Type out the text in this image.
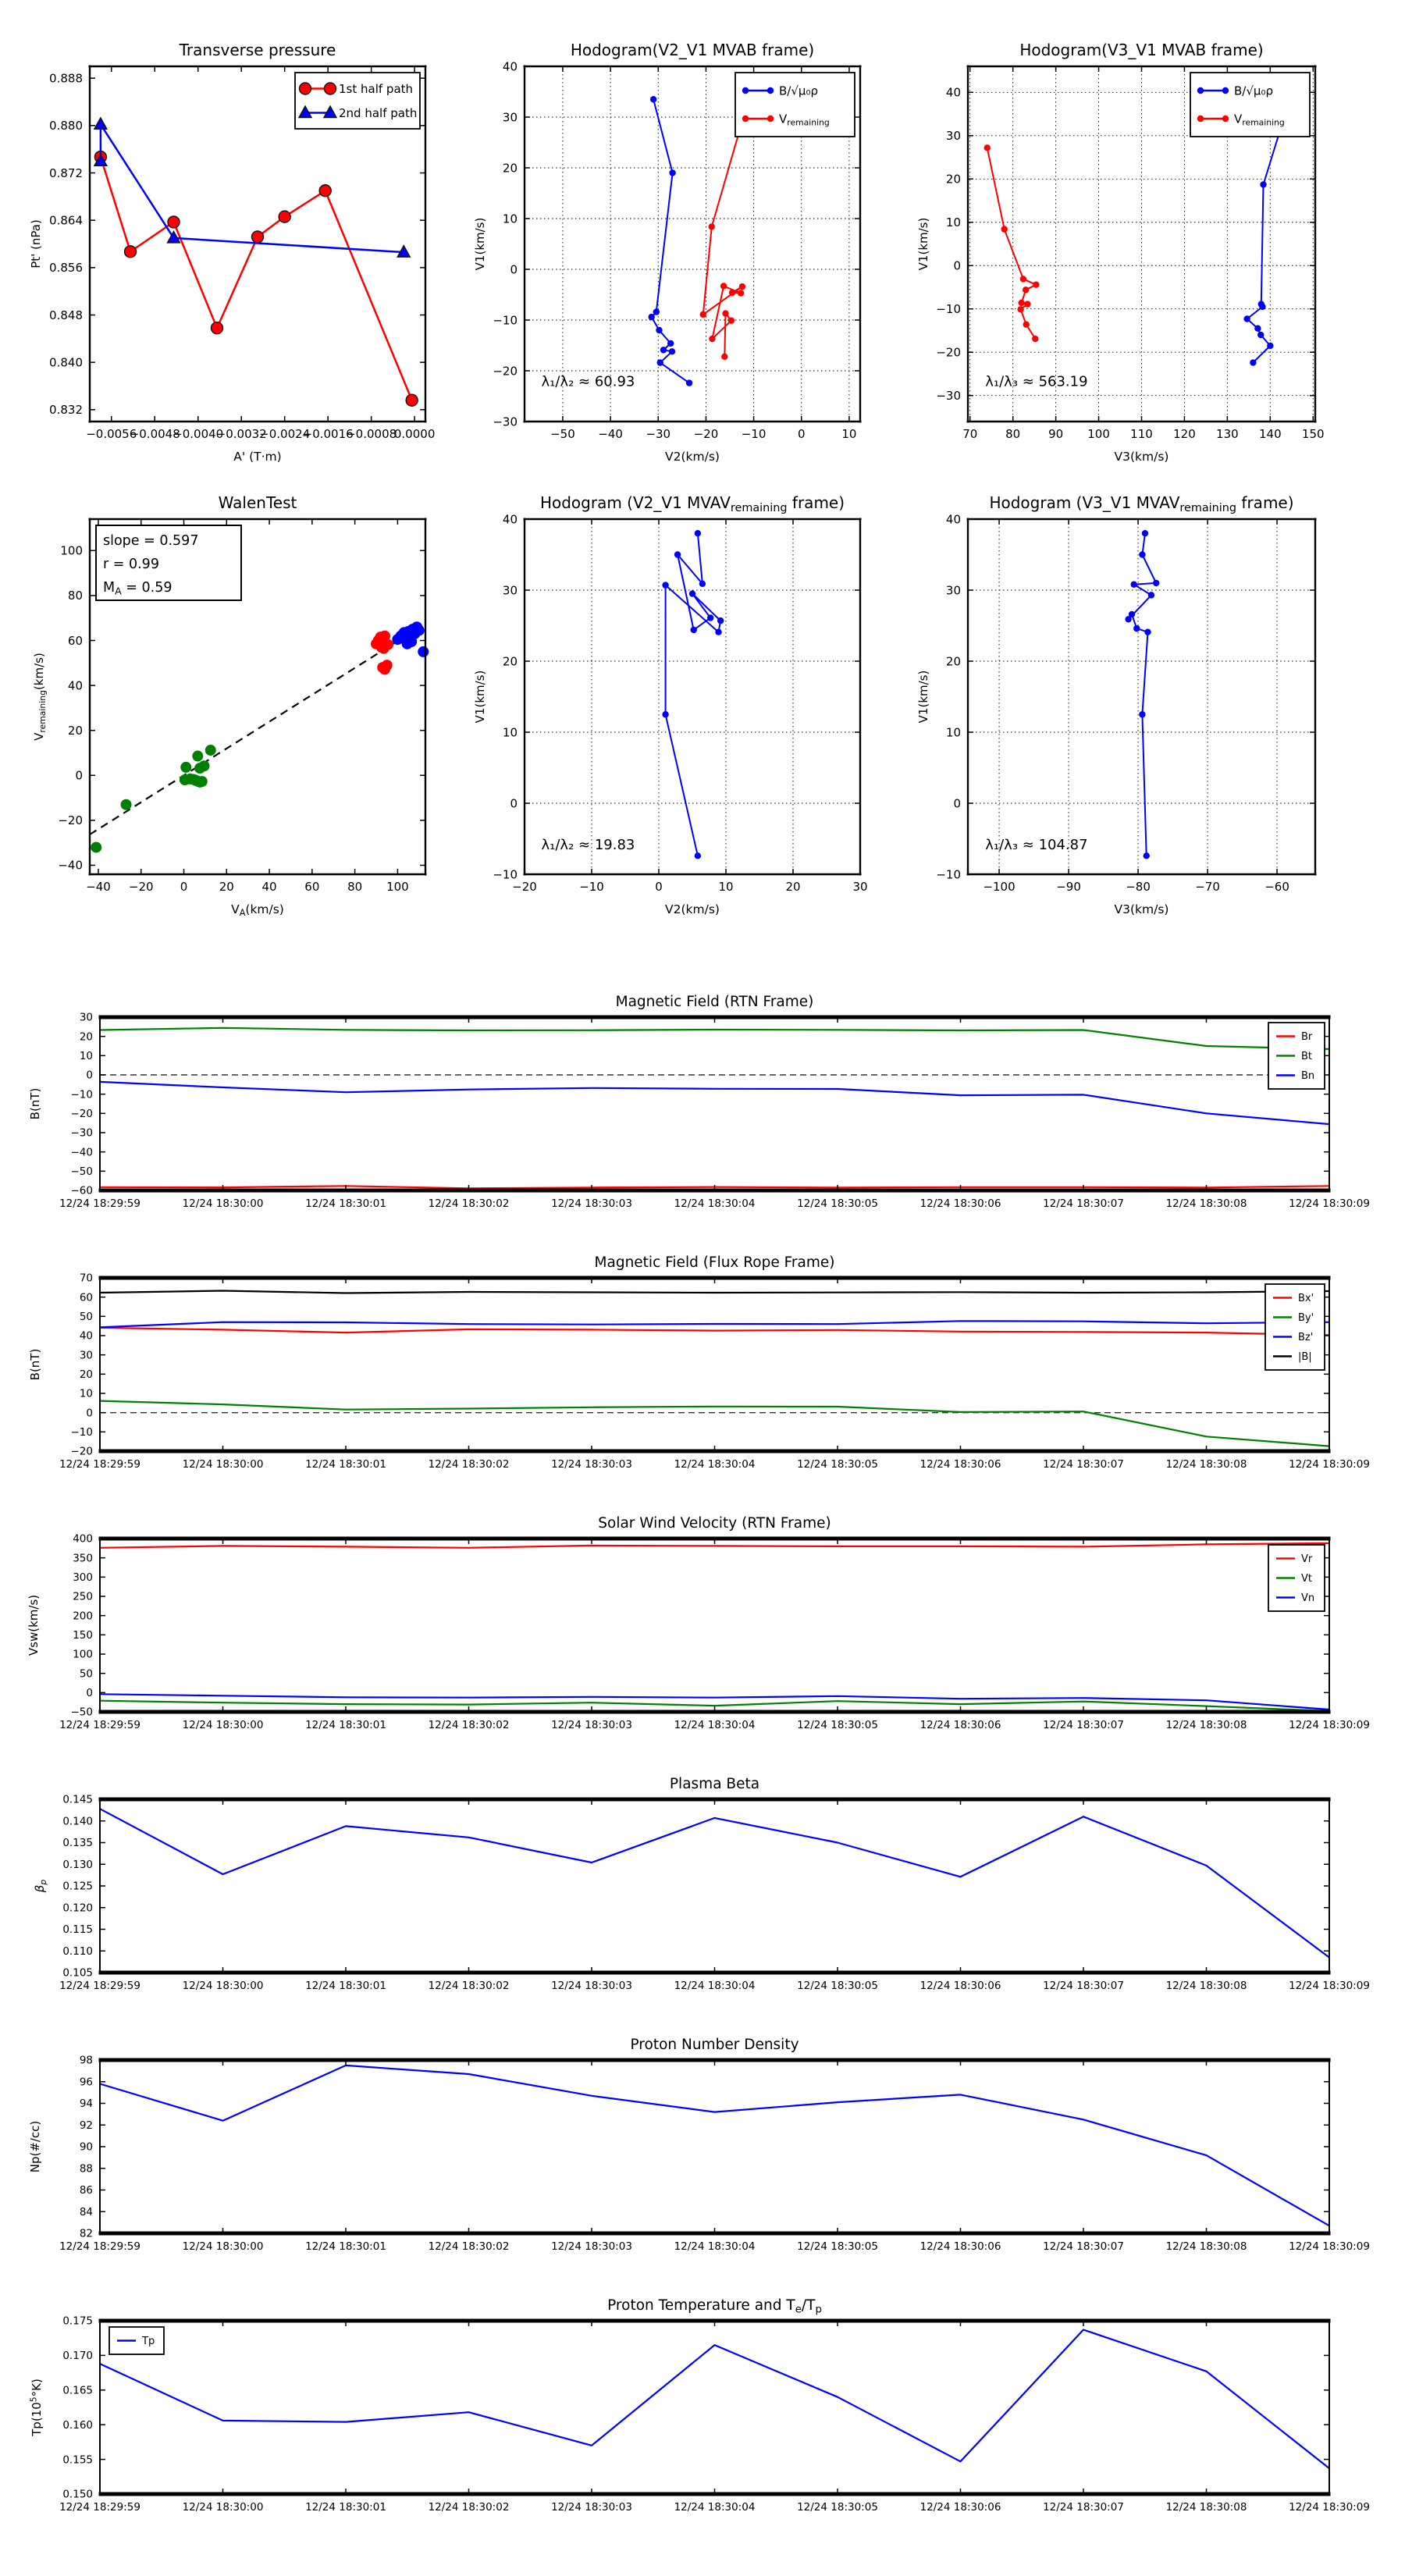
−0.0056
−0.0048
−0.0040
−0.0032
−0.0024
−0.0016
−0.0008
0.0000
0.832
0.840
0.848
0.856
0.864
0.872
0.880
0.888
Transverse pressure
A' (T·m)
Pt' (nPa)
1st half path
2nd half path
−50 −40 −30 −20 −10	0	10
−30
−20
−10
0
10
20
30
40
Hodogram(V2_V1 MVAB frame)
V2(km/s)
V1(km/s)
λ₁/λ₂ ≈ 60.93
B/√μ₀ρ
$V_{remaining}$
70 80 90 100 110 120 130 140 150
−30
−20
−10
0
10
20
30
40
Hodogram(V3_V1 MVAB frame)
V3(km/s)
V1(km/s)
λ₁/λ₃ ≈ 563.19
B/√μ₀ρ
$V_{remaining}$
−40 −20 0	20 40 60 80 100
−40
−20
0
20
40
60
80
100
WalenTest
$V_A(km/s)$
$V_{remaining}(km/s)$
slope = 0.597
r = 0.99
$M_A = 0.59$
−20	−10	0	10	20	30
−10
0
10
20
30
40
Hodogram (V2_V1 $MVAV_{remaining}$ frame)
V2(km/s)
V1(km/s)
λ₁/λ₂ ≈ 19.83
−100	−90	−80	−70	−60
−10
0
10
20
30
40
Hodogram (V3_V1 $MVAV_{remaining}$ frame)
V3(km/s)
V1(km/s)
λ₁/λ₃ ≈ 104.87
12/24 18:29:59	12/24 18:30:00	12/24 18:30:01	12/24 18:30:02	12/24 18:30:03	12/24 18:30:04	12/24 18:30:05	12/24 18:30:06	12/24 18:30:07	12/24 18:30:08	12/24 18:30:09
−60
−50
−40
−30
−20
−10
0
10
20
30
Magnetic Field (RTN Frame)
B(nT)
Br
Bt
Bn
12/24 18:29:59	12/24 18:30:00	12/24 18:30:01	12/24 18:30:02	12/24 18:30:03	12/24 18:30:04	12/24 18:30:05	12/24 18:30:06	12/24 18:30:07	12/24 18:30:08	12/24 18:30:09
−20
−10
0
10
20
30
40
50
60
70
Magnetic Field (Flux Rope Frame)
B(nT)
Bx'
By'
Bz'
|B|
12/24 18:29:59	12/24 18:30:00	12/24 18:30:01	12/24 18:30:02	12/24 18:30:03	12/24 18:30:04	12/24 18:30:05	12/24 18:30:06	12/24 18:30:07	12/24 18:30:08	12/24 18:30:09
−50
0
50
100
150
200
250
300
350
400
Solar Wind Velocity (RTN Frame)
Vsw(km/s)
Vr
Vt
Vn
12/24 18:29:59	12/24 18:30:00	12/24 18:30:01	12/24 18:30:02	12/24 18:30:03	12/24 18:30:04	12/24 18:30:05	12/24 18:30:06	12/24 18:30:07	12/24 18:30:08	12/24 18:30:09
0.105
0.110
0.115
0.120
0.125
0.130
0.135
0.140
0.145
Plasma Beta
$\beta_p$
12/24 18:29:59	12/24 18:30:00	12/24 18:30:01	12/24 18:30:02	12/24 18:30:03	12/24 18:30:04	12/24 18:30:05	12/24 18:30:06	12/24 18:30:07	12/24 18:30:08	12/24 18:30:09
82
84
86
88
90
92
94
96
98
Proton Number Density
Np(#/cc)
12/24 18:29:59	12/24 18:30:00	12/24 18:30:01	12/24 18:30:02	12/24 18:30:03	12/24 18:30:04	12/24 18:30:05	12/24 18:30:06	12/24 18:30:07	12/24 18:30:08	12/24 18:30:09
0.150
0.155
0.160
0.165
0.170
0.175
Proton Temperature and $T_e/T_p$
$Tp(10^5^\circ K)$
Tp
